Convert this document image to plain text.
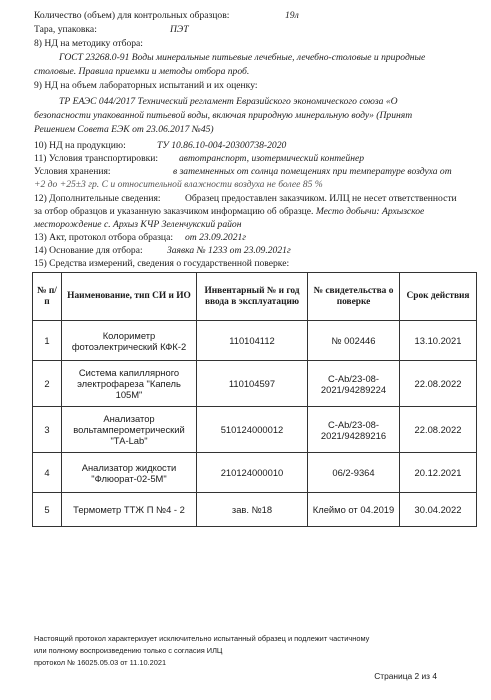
Количество (объем) для контрольных образцов:	19л
Тара, упаковка:	ПЭТ
8) НД на методику отбора:
ГОСТ 23268.0-91 Воды минеральные питьевые лечебные, лечебно-столовые и природные
столовые. Правила приемки и методы отбора проб.
9) НД на объем лабораторных испытаний и их оценку:
ТР ЕАЭС 044/2017 Технический регламент Евразийского экономического союза «О
безопасности упакованной питьевой воды, включая природную минеральную воду» (Принят
Решением Совета ЕЭК от 23.06.2017 №45)
10) НД на продукцию:	ТУ 10.86.10-004-20300738-2020
11) Условия транспортировки: автотранспорт, изотермический контейнер
Условия хранения:	в затемненных от солнца помещениях при температуре воздуха от
+2 до +25±3 гр. С и относительной влажности воздуха не более 85 %
12) Дополнительные сведения:	Образец предоставлен заказчиком. ИЛЦ не несет ответственности
за отбор образцов и указанную заказчиком информацию об образце. Место добычи: Архызское
месторождение с. Архыз КЧР Зеленчукский район
13) Акт, протокол отбора образца: от 23.09.2021г
14) Основание для отбора:	Заявка № 1233 от 23.09.2021г
15) Средства измерений, сведения о государственной поверке:
№ п/п	Наименование, тип СИ и ИО	Инвентарный № и год ввода в эксплуатацию	№ свидетельства о поверке	Срок действия
1	Колориметр фотоэлектрический КФК-2	110104112	№ 002446	13.10.2021
2	Система капиллярного электрофареза "Капель 105М"	110104597	С-Аb/23-08-2021/94289224	22.08.2022
3	Анализатор вольтамперометрический "ТА-Lab"	510124000012	С-Аb/23-08-2021/94289216	22.08.2022
4	Анализатор жидкости "Флюорат-02-5М"	210124000010	06/2-9364	20.12.2021
5	Термометр ТТЖ П №4 - 2	зав. №18	Клеймо от 04.2019	30.04.2022
Настоящий протокол характеризует исключительно испытанный образец и подлежит частичному
или полному воспроизведению только с согласия ИЛЦ
протокол № 16025.05.03 от 11.10.2021
Страница 2 из 4
